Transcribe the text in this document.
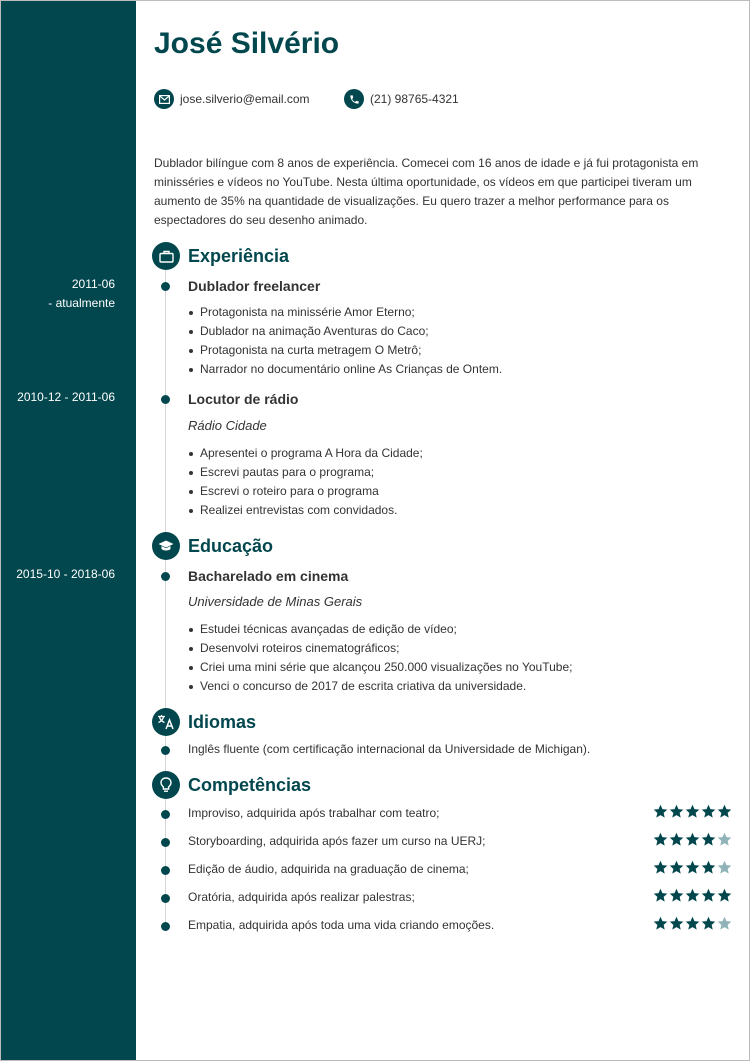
José Silvério
jose.silverio@email.com	(21) 98765-4321
Dublador bilíngue com 8 anos de experiência. Comecei com 16 anos de idade e já fui protagonista em minisséries e vídeos no YouTube. Nesta última oportunidade, os vídeos em que participei tiveram um aumento de 35% na quantidade de visualizações. Eu quero trazer a melhor performance para os espectadores do seu desenho animado.
Experiência
2011-06
- atualmente
Dublador freelancer
Protagonista na minissérie Amor Eterno;
Dublador na animação Aventuras do Caco;
Protagonista na curta metragem O Metrô;
Narrador no documentário online As Crianças de Ontem.
2010-12 - 2011-06	Locutor de rádio
Rádio Cidade
Apresentei o programa A Hora da Cidade;
Escrevi pautas para o programa;
Escrevi o roteiro para o programa
Realizei entrevistas com convidados.
Educação
2015-10 - 2018-06	Bacharelado em cinema
Universidade de Minas Gerais
Estudei técnicas avançadas de edição de vídeo;
Desenvolvi roteiros cinematográficos;
Criei uma mini série que alcançou 250.000 visualizações no YouTube;
Venci o concurso de 2017 de escrita criativa da universidade.
Idiomas
Inglês fluente (com certificação internacional da Universidade de Michigan).
Competências
Improviso, adquirida após trabalhar com teatro;
Storyboarding, adquirida após fazer um curso na UERJ;
Edição de áudio, adquirida na graduação de cinema;
Oratória, adquirida após realizar palestras;
Empatia, adquirida após toda uma vida criando emoções.
